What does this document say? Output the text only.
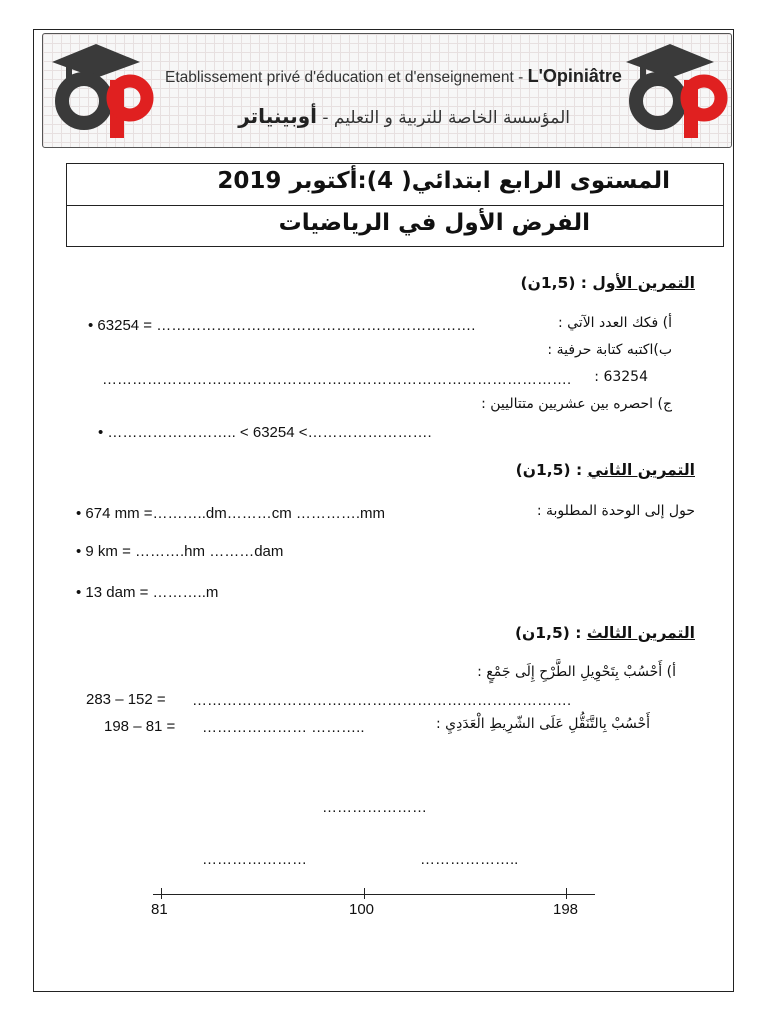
Etablissement privé d'éducation et d'enseignement - L'Opiniâtre
المؤسسة الخاصة للتربية و التعليم - أوبينياتر
المستوى الرابع ابتدائي( 4):أكتوبر 2019
الفرض الأول في الرياضيات
التمرين الأول : (1,5ن)
أ) فكك العدد الآتي :
• 63254 = ……………………………………………………….
ب)اكتبه كتابة حرفية :
63254 :
………………………………………………………………………………….
ج) احصره بين عشريين متتاليين :
• …………………….. < 63254 <…………………….
التمرين الثاني : (1,5ن)
حول إلى الوحدة المطلوبة :
• 674 mm =………..dm………cm ………….mm
• 9 km = ……….hm ………dam
• 13 dam = ………..m
التمرين الثالث : (1,5ن)
أ) أَحْسُبْ بِتَحْوِيلِ الطَّرْحِ إِلَى جَمْعٍ :
283 – 152 = ………………………………………………………………….
أَحْسُبْ بِالتَّنَقُّلِ عَلَى الشّرِيطِ الْعَدَدِيِ :
198 – 81 = ………………… ………..
…………………
…………………	………………..
81	100	198
